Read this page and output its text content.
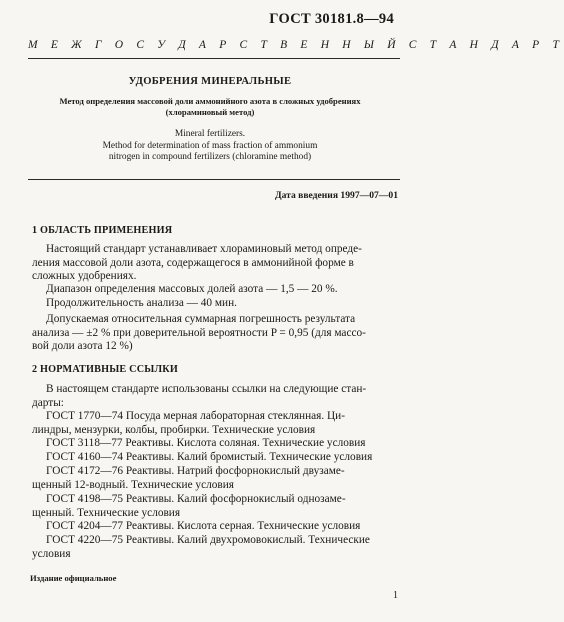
ГОСТ 30181.8—94
М Е Ж Г О С У Д А Р С Т В Е Н Н Ы Й С Т А Н Д А Р Т
УДОБРЕНИЯ МИНЕРАЛЬНЫЕ
Метод определения массовой доли аммонийного азота в сложных удобрениях
(хлораминовый метод)
Mineral fertilizers.
Method for determination of mass fraction of ammonium
nitrogen in compound fertilizers (chloramine method)
Дата введения 1997—07—01
1 ОБЛАСТЬ ПРИМЕНЕНИЯ
Настоящий стандарт устанавливает хлораминовый метод опреде-
ления массовой доли азота, содержащегося в аммонийной форме в
сложных удобрениях.
Диапазон определения массовых долей азота — 1,5 — 20 %.
Продолжительность анализа — 40 мин.
Допускаемая относительная суммарная погрешность результата
анализа — ±2 % при доверительной вероятности P = 0,95 (для массо-
вой доли азота 12 %)
2 НОРМАТИВНЫЕ ССЫЛКИ
В настоящем стандарте использованы ссылки на следующие стан-
дарты:
ГОСТ 1770—74 Посуда мерная лабораторная стеклянная. Ци-
линдры, мензурки, колбы, пробирки. Технические условия
ГОСТ 3118—77 Реактивы. Кислота соляная. Технические условия
ГОСТ 4160—74 Реактивы. Калий бромистый. Технические условия
ГОСТ 4172—76 Реактивы. Натрий фосфорнокислый двузаме-
щенный 12-водный. Технические условия
ГОСТ 4198—75 Реактивы. Калий фосфорнокислый однозаме-
щенный. Технические условия
ГОСТ 4204—77 Реактивы. Кислота серная. Технические условия
ГОСТ 4220—75 Реактивы. Калий двухромовокислый. Технические
условия
Издание официальное
1
